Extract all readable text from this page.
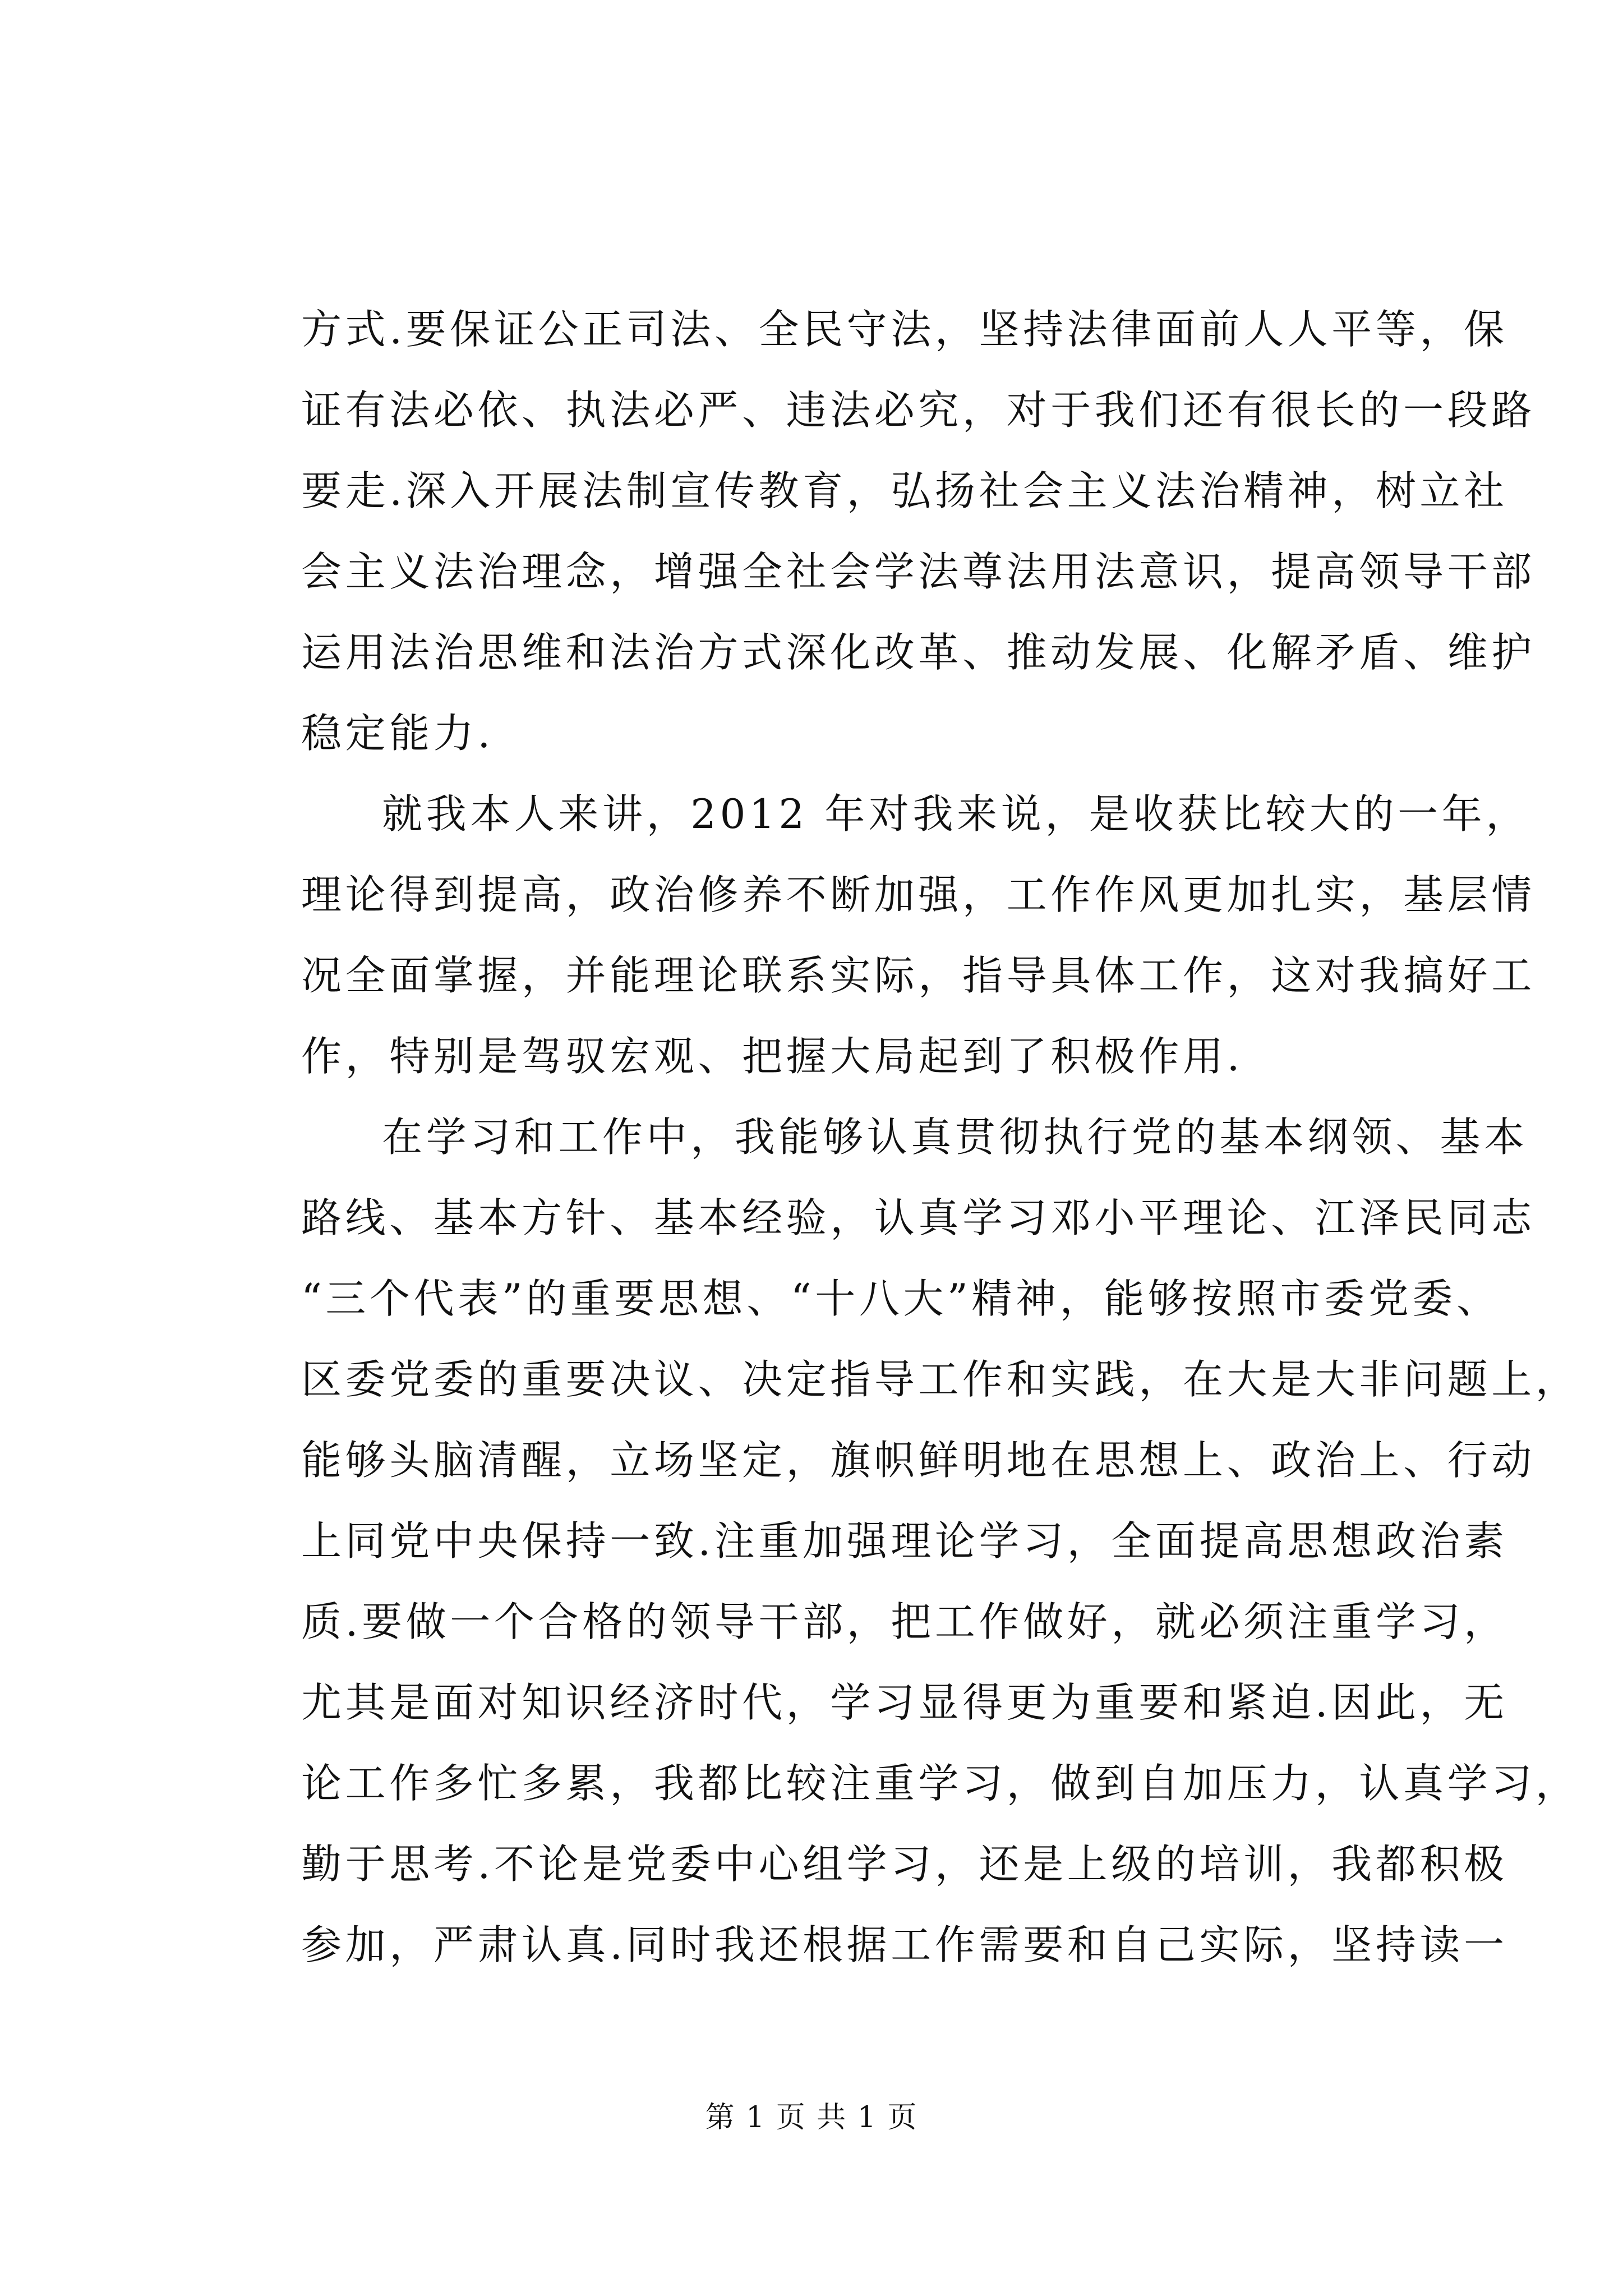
方式.要保证公正司法、全民守法，坚持法律面前人人平等，保
证有法必依、执法必严、违法必究，对于我们还有很长的一段路
要走.深入开展法制宣传教育，弘扬社会主义法治精神，树立社
会主义法治理念，增强全社会学法尊法用法意识，提高领导干部
运用法治思维和法治方式深化改革、推动发展、化解矛盾、维护
稳定能力.
就我本人来讲，2012 年对我来说，是收获比较大的一年，
理论得到提高，政治修养不断加强，工作作风更加扎实，基层情
况全面掌握，并能理论联系实际，指导具体工作，这对我搞好工
作，特别是驾驭宏观、把握大局起到了积极作用.
在学习和工作中，我能够认真贯彻执行党的基本纲领、基本
路线、基本方针、基本经验，认真学习邓小平理论、江泽民同志
“三个代表”的重要思想、“十八大”精神，能够按照市委党委、
区委党委的重要决议、决定指导工作和实践，在大是大非问题上，
能够头脑清醒，立场坚定，旗帜鲜明地在思想上、政治上、行动
上同党中央保持一致.注重加强理论学习，全面提高思想政治素
质.要做一个合格的领导干部，把工作做好，就必须注重学习，
尤其是面对知识经济时代，学习显得更为重要和紧迫.因此，无
论工作多忙多累，我都比较注重学习，做到自加压力，认真学习，
勤于思考.不论是党委中心组学习，还是上级的培训，我都积极
参加，严肃认真.同时我还根据工作需要和自己实际，坚持读一
第 1 页 共 1 页
